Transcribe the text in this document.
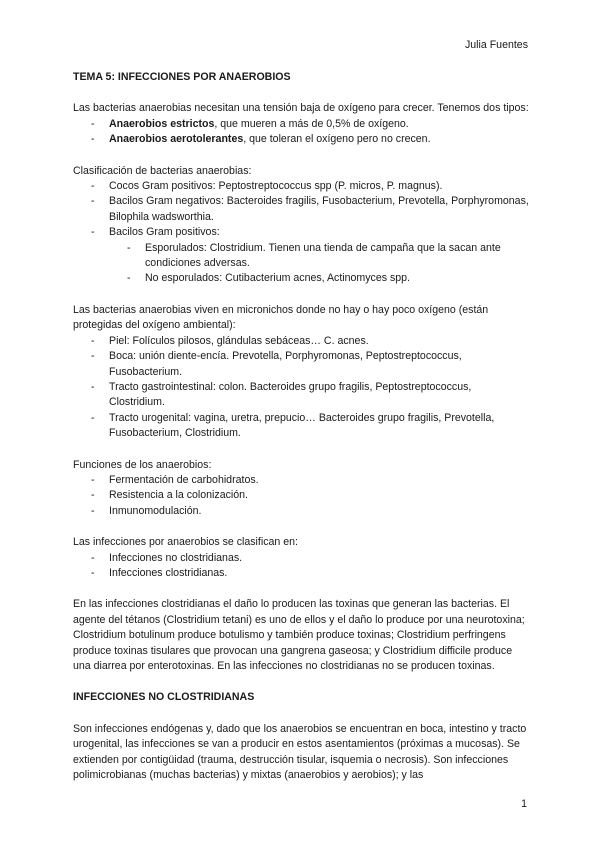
Julia Fuentes

TEMA 5: INFECCIONES POR ANAEROBIOS

Las bacterias anaerobias necesitan una tensión baja de oxígeno para crecer. Tenemos dos tipos:

- Anaerobios estrictos, que mueren a más de 0,5% de oxígeno.
- Anaerobios aerotolerantes, que toleran el oxígeno pero no crecen.

Clasificación de bacterias anaerobias:

- Cocos Gram positivos: Peptostreptococcus spp (P. micros, P. magnus).
- Bacilos Gram negativos: Bacteroides fragilis, Fusobacterium, Prevotella, Porphyromonas, Bilophila wadsworthia.
- Bacilos Gram positivos:
- Esporulados: Clostridium. Tienen una tienda de campaña que la sacan ante condiciones adversas.
- No esporulados: Cutibacterium acnes, Actinomyces spp.

Las bacterias anaerobias viven en micronichos donde no hay o hay poco oxígeno (están protegidas del oxígeno ambiental):

- Piel: Folículos pilosos, glándulas sebáceas… C. acnes.
- Boca: unión diente-encía. Prevotella, Porphyromonas, Peptostreptococcus, Fusobacterium.
- Tracto gastrointestinal: colon. Bacteroides grupo fragilis, Peptostreptococcus, Clostridium.
- Tracto urogenital: vagina, uretra, prepucio… Bacteroides grupo fragilis, Prevotella, Fusobacterium, Clostridium.

Funciones de los anaerobios:

- Fermentación de carbohidratos.
- Resistencia a la colonización.
- Inmunomodulación.

Las infecciones por anaerobios se clasifican en:

- Infecciones no clostridianas.
- Infecciones clostridianas.

En las infecciones clostridianas el daño lo producen las toxinas que generan las bacterias. El agente del tétanos (Clostridium tetani) es uno de ellos y el daño lo produce por una neurotoxina; Clostridium botulinum produce botulismo y también produce toxinas; Clostridium perfringens produce toxinas tisulares que provocan una gangrena gaseosa; y Clostridium difficile produce una diarrea por enterotoxinas. En las infecciones no clostridianas no se producen toxinas.

INFECCIONES NO CLOSTRIDIANAS

Son infecciones endógenas y, dado que los anaerobios se encuentran en boca, intestino y tracto urogenital, las infecciones se van a producir en estos asentamientos (próximas a mucosas). Se extienden por contigüidad (trauma, destrucción tisular, isquemia o necrosis). Son infecciones polimicrobianas (muchas bacterias) y mixtas (anaerobios y aerobios); y las

1
